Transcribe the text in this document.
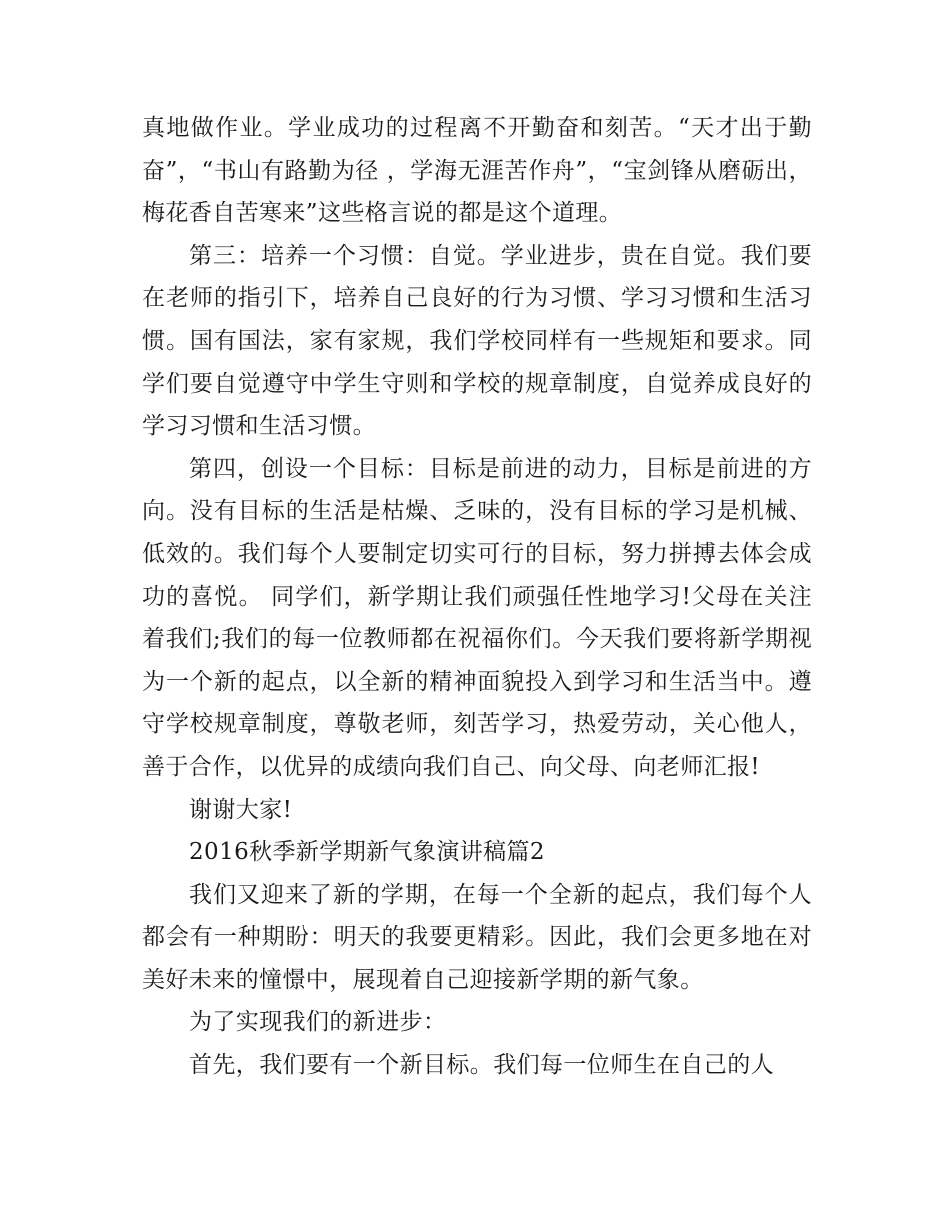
真地做作业。学业成功的过程离不开勤奋和刻苦。“天才出于勤奋”，“书山有路勤为径 ，学海无涯苦作舟”，“宝剑锋从磨砺出，梅花香自苦寒来”这些格言说的都是这个道理。

第三：培养一个习惯：自觉。学业进步，贵在自觉。我们要在老师的指引下，培养自己良好的行为习惯、学习习惯和生活习惯。国有国法，家有家规，我们学校同样有一些规矩和要求。同学们要自觉遵守中学生守则和学校的规章制度，自觉养成良好的学习习惯和生活习惯。

第四，创设一个目标：目标是前进的动力，目标是前进的方向。没有目标的生活是枯燥、乏味的，没有目标的学习是机械、低效的。我们每个人要制定切实可行的目标，努力拼搏去体会成功的喜悦。 同学们，新学期让我们顽强任性地学习!父母在关注着我们;我们的每一位教师都在祝福你们。今天我们要将新学期视为一个新的起点，以全新的精神面貌投入到学习和生活当中。遵守学校规章制度，尊敬老师，刻苦学习，热爱劳动，关心他人，善于合作，以优异的成绩向我们自己、向父母、向老师汇报!

谢谢大家!

2016秋季新学期新气象演讲稿篇2

我们又迎来了新的学期，在每一个全新的起点，我们每个人都会有一种期盼：明天的我要更精彩。因此，我们会更多地在对美好未来的憧憬中，展现着自己迎接新学期的新气象。

为了实现我们的新进步：

首先，我们要有一个新目标。我们每一位师生在自己的人
